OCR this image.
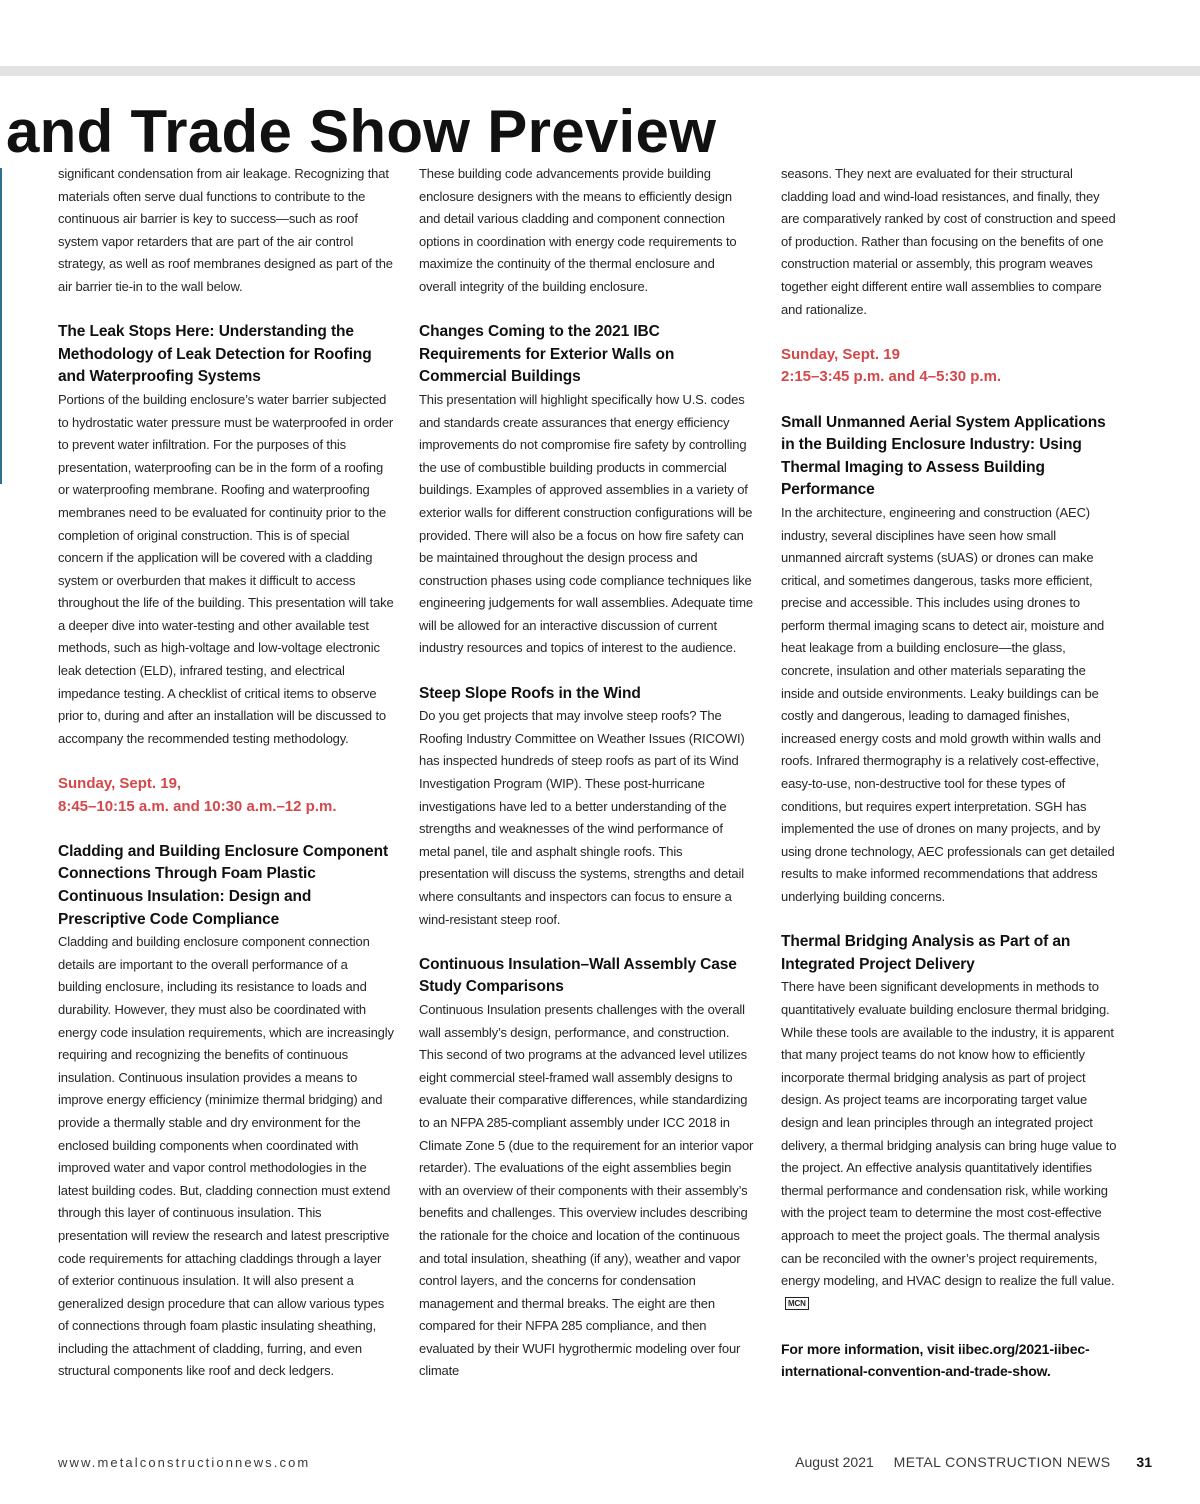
and Trade Show Preview

significant condensation from air leakage. Recognizing that materials often serve dual functions to contribute to the continuous air barrier is key to success—such as roof system vapor retarders that are part of the air control strategy, as well as roof membranes designed as part of the air barrier tie-in to the wall below.

The Leak Stops Here: Understanding the Methodology of Leak Detection for Roofing and Waterproofing Systems

Portions of the building enclosure’s water barrier subjected to hydrostatic water pressure must be waterproofed in order to prevent water infiltration. For the purposes of this presentation, waterproofing can be in the form of a roofing or waterproofing membrane. Roofing and waterproofing membranes need to be evaluated for continuity prior to the completion of original construction. This is of special concern if the application will be covered with a cladding system or overburden that makes it difficult to access throughout the life of the building. This presentation will take a deeper dive into water-testing and other available test methods, such as high-voltage and low-voltage electronic leak detection (ELD), infrared testing, and electrical impedance testing. A checklist of critical items to observe prior to, during and after an installation will be discussed to accompany the recommended testing methodology.

Sunday, Sept. 19,
8:45–10:15 a.m. and 10:30 a.m.–12 p.m.
Cladding and Building Enclosure Component Connections Through Foam Plastic Continuous Insulation: Design and Prescriptive Code Compliance

Cladding and building enclosure component connection details are important to the overall performance of a building enclosure, including its resistance to loads and durability. However, they must also be coordinated with energy code insulation requirements, which are increasingly requiring and recognizing the benefits of continuous insulation. Continuous insulation provides a means to improve energy efficiency (minimize thermal bridging) and provide a thermally stable and dry environment for the enclosed building components when coordinated with improved water and vapor control methodologies in the latest building codes. But, cladding connection must extend through this layer of continuous insulation. This presentation will review the research and latest prescriptive code requirements for attaching claddings through a layer of exterior continuous insulation. It will also present a generalized design procedure that can allow various types of connections through foam plastic insulating sheathing, including the attachment of cladding, furring, and even structural components like roof and deck ledgers.

These building code advancements provide building enclosure designers with the means to efficiently design and detail various cladding and component connection options in coordination with energy code requirements to maximize the continuity of the thermal enclosure and overall integrity of the building enclosure.

Changes Coming to the 2021 IBC Requirements for Exterior Walls on Commercial Buildings

This presentation will highlight specifically how U.S. codes and standards create assurances that energy efficiency improvements do not compromise fire safety by controlling the use of combustible building products in commercial buildings. Examples of approved assemblies in a variety of exterior walls for different construction configurations will be provided. There will also be a focus on how fire safety can be maintained throughout the design process and construction phases using code compliance techniques like engineering judgements for wall assemblies. Adequate time will be allowed for an interactive discussion of current industry resources and topics of interest to the audience.

Steep Slope Roofs in the Wind

Do you get projects that may involve steep roofs? The Roofing Industry Committee on Weather Issues (RICOWI) has inspected hundreds of steep roofs as part of its Wind Investigation Program (WIP). These post-hurricane investigations have led to a better understanding of the strengths and weaknesses of the wind performance of metal panel, tile and asphalt shingle roofs. This presentation will discuss the systems, strengths and detail where consultants and inspectors can focus to ensure a wind-resistant steep roof.

Continuous Insulation–Wall Assembly Case Study Comparisons

Continuous Insulation presents challenges with the overall wall assembly’s design, performance, and construction. This second of two programs at the advanced level utilizes eight commercial steel-framed wall assembly designs to evaluate their comparative differences, while standardizing to an NFPA 285-compliant assembly under ICC 2018 in Climate Zone 5 (due to the requirement for an interior vapor retarder). The evaluations of the eight assemblies begin with an overview of their components with their assembly’s benefits and challenges. This overview includes describing the rationale for the choice and location of the continuous and total insulation, sheathing (if any), weather and vapor control layers, and the concerns for condensation management and thermal breaks. The eight are then compared for their NFPA 285 compliance, and then evaluated by their WUFI hygrothermic modeling over four climate

seasons. They next are evaluated for their structural cladding load and wind-load resistances, and finally, they are comparatively ranked by cost of construction and speed of production. Rather than focusing on the benefits of one construction material or assembly, this program weaves together eight different entire wall assemblies to compare and rationalize.

Sunday, Sept. 19
2:15–3:45 p.m. and 4–5:30 p.m.
Small Unmanned Aerial System Applications in the Building Enclosure Industry: Using Thermal Imaging to Assess Building Performance

In the architecture, engineering and construction (AEC) industry, several disciplines have seen how small unmanned aircraft systems (sUAS) or drones can make critical, and sometimes dangerous, tasks more efficient, precise and accessible. This includes using drones to perform thermal imaging scans to detect air, moisture and heat leakage from a building enclosure—the glass, concrete, insulation and other materials separating the inside and outside environments. Leaky buildings can be costly and dangerous, leading to damaged finishes, increased energy costs and mold growth within walls and roofs. Infrared thermography is a relatively cost-effective, easy-to-use, non-destructive tool for these types of conditions, but requires expert interpretation. SGH has implemented the use of drones on many projects, and by using drone technology, AEC professionals can get detailed results to make informed recommendations that address underlying building concerns.

Thermal Bridging Analysis as Part of an Integrated Project Delivery

There have been significant developments in methods to quantitatively evaluate building enclosure thermal bridging. While these tools are available to the industry, it is apparent that many project teams do not know how to efficiently incorporate thermal bridging analysis as part of project design. As project teams are incorporating target value design and lean principles through an integrated project delivery, a thermal bridging analysis can bring huge value to the project. An effective analysis quantitatively identifies thermal performance and condensation risk, while working with the project team to determine the most cost-effective approach to meet the project goals. The thermal analysis can be reconciled with the owner’s project requirements, energy modeling, and HVAC design to realize the full value.MCN

For more information, visit iibec.org/2021-iibec-international-convention-and-trade-show.

www.metalconstructionnews.com	August 2021 METAL CONSTRUCTION NEWS 31
